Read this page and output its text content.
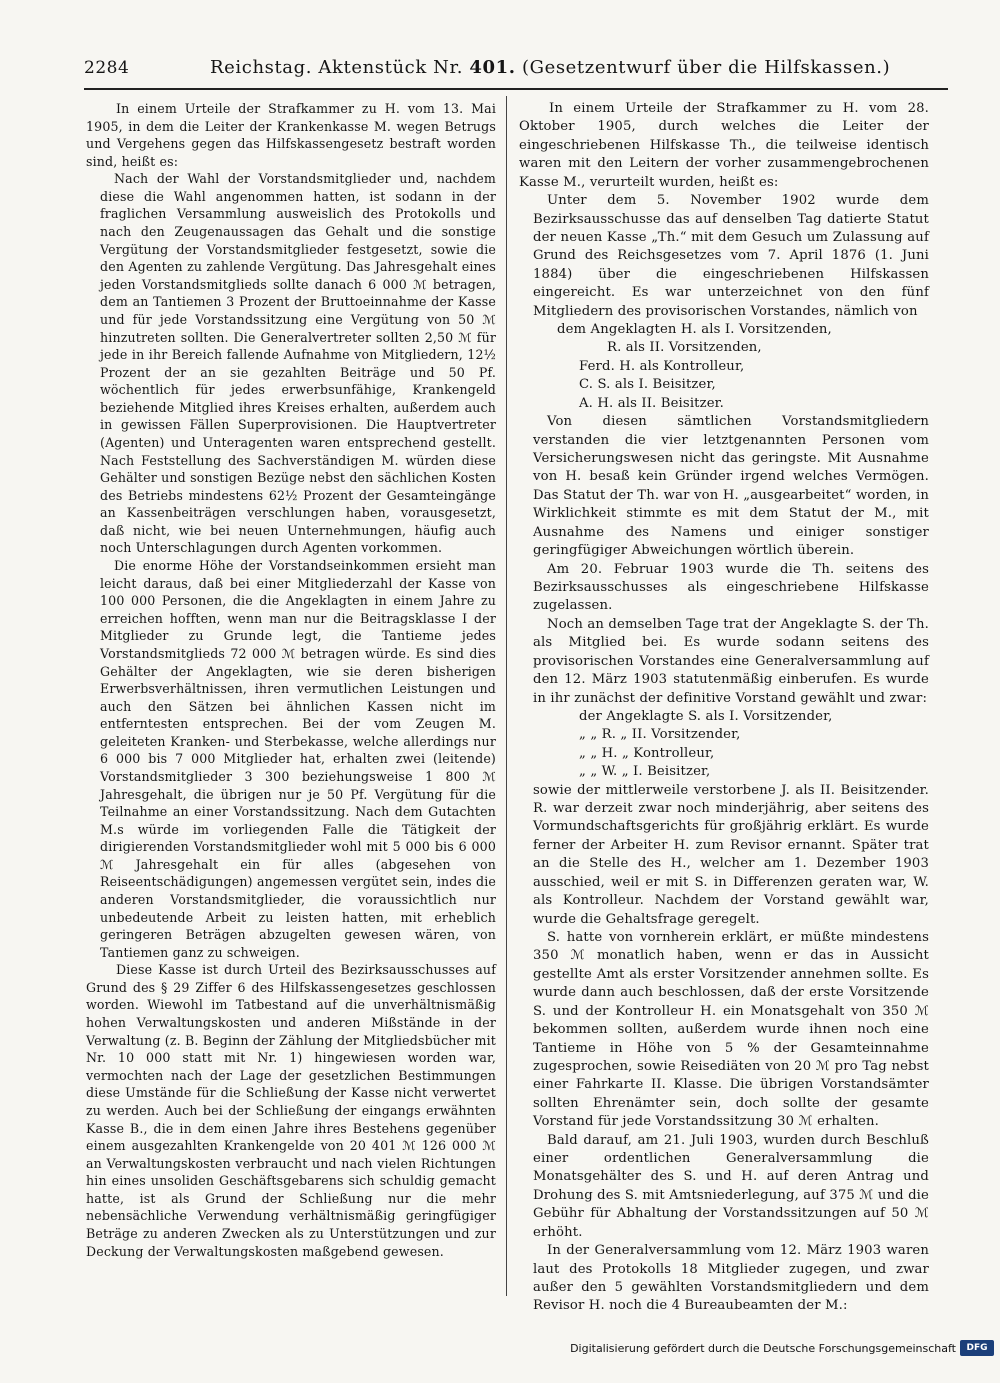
2284	Reichstag. Aktenstück Nr. 401. (Gesetzentwurf über die Hilfskassen.)

In einem Urteile der Strafkammer zu H. vom 13. Mai 1905, in dem die Leiter der Krankenkasse M. wegen Betrugs und Vergehens gegen das Hilfskassengesetz bestraft worden sind, heißt es:

Nach der Wahl der Vorstandsmitglieder und, nachdem diese die Wahl angenommen hatten, ist sodann in der fraglichen Versammlung ausweislich des Protokolls und nach den Zeugenaussagen das Gehalt und die sonstige Vergütung der Vorstandsmitglieder festgesetzt, sowie die den Agenten zu zahlende Vergütung. Das Jahresgehalt eines jeden Vorstandsmitglieds sollte danach 6 000 ℳ betragen, dem an Tantiemen 3 Prozent der Bruttoeinnahme der Kasse und für jede Vorstandssitzung eine Vergütung von 50 ℳ hinzutreten sollten. Die Generalvertreter sollten 2,50 ℳ für jede in ihr Bereich fallende Aufnahme von Mitgliedern, 12½ Prozent der an sie gezahlten Beiträge und 50 Pf. wöchentlich für jedes erwerbsunfähige, Krankengeld beziehende Mitglied ihres Kreises erhalten, außerdem auch in gewissen Fällen Superprovisionen. Die Hauptvertreter (Agenten) und Unteragenten waren entsprechend gestellt. Nach Feststellung des Sachverständigen M. würden diese Gehälter und sonstigen Bezüge nebst den sächlichen Kosten des Betriebs mindestens 62½ Prozent der Gesamteingänge an Kassenbeiträgen verschlungen haben, vorausgesetzt, daß nicht, wie bei neuen Unternehmungen, häufig auch noch Unterschlagungen durch Agenten vorkommen.

Die enorme Höhe der Vorstandseinkommen ersieht man leicht daraus, daß bei einer Mitgliederzahl der Kasse von 100 000 Personen, die die Angeklagten in einem Jahre zu erreichen hofften, wenn man nur die Beitragsklasse I der Mitglieder zu Grunde legt, die Tantieme jedes Vorstandsmitglieds 72 000 ℳ betragen würde. Es sind dies Gehälter der Angeklagten, wie sie deren bisherigen Erwerbsverhältnissen, ihren vermutlichen Leistungen und auch den Sätzen bei ähnlichen Kassen nicht im entferntesten entsprechen. Bei der vom Zeugen M. geleiteten Kranken- und Sterbekasse, welche allerdings nur 6 000 bis 7 000 Mitglieder hat, erhalten zwei (leitende) Vorstandsmitglieder 3 300 beziehungsweise 1 800 ℳ Jahresgehalt, die übrigen nur je 50 Pf. Vergütung für die Teilnahme an einer Vorstandssitzung. Nach dem Gutachten M.s würde im vorliegenden Falle die Tätigkeit der dirigierenden Vorstandsmitglieder wohl mit 5 000 bis 6 000 ℳ Jahresgehalt ein für alles (abgesehen von Reiseentschädigungen) angemessen vergütet sein, indes die anderen Vorstandsmitglieder, die voraussichtlich nur unbedeutende Arbeit zu leisten hatten, mit erheblich geringeren Beträgen abzugelten gewesen wären, von Tantiemen ganz zu schweigen.

Diese Kasse ist durch Urteil des Bezirksausschusses auf Grund des § 29 Ziffer 6 des Hilfskassengesetzes geschlossen worden. Wiewohl im Tatbestand auf die unverhältnismäßig hohen Verwaltungskosten und anderen Mißstände in der Verwaltung (z. B. Beginn der Zählung der Mitgliedsbücher mit Nr. 10 000 statt mit Nr. 1) hingewiesen worden war, vermochten nach der Lage der gesetzlichen Bestimmungen diese Umstände für die Schließung der Kasse nicht verwertet zu werden. Auch bei der Schließung der eingangs erwähnten Kasse B., die in dem einen Jahre ihres Bestehens gegenüber einem ausgezahlten Krankengelde von 20 401 ℳ 126 000 ℳ an Verwaltungskosten verbraucht und nach vielen Richtungen hin eines unsoliden Geschäftsgebarens sich schuldig gemacht hatte, ist als Grund der Schließung nur die mehr nebensächliche Verwendung verhältnismäßig geringfügiger Beträge zu anderen Zwecken als zu Unterstützungen und zur Deckung der Verwaltungskosten maßgebend gewesen.

In einem Urteile der Strafkammer zu H. vom 28. Oktober 1905, durch welches die Leiter der eingeschriebenen Hilfskasse Th., die teilweise identisch waren mit den Leitern der vorher zusammengebrochenen Kasse M., verurteilt wurden, heißt es:

Unter dem 5. November 1902 wurde dem Bezirksausschusse das auf denselben Tag datierte Statut der neuen Kasse „Th.“ mit dem Gesuch um Zulassung auf Grund des Reichsgesetzes vom 7. April 1876 (1. Juni 1884) über die eingeschriebenen Hilfskassen eingereicht. Es war unterzeichnet von den fünf Mitgliedern des provisorischen Vorstandes, nämlich von

dem Angeklagten H. als I. Vorsitzenden,

R. als II. Vorsitzenden,

Ferd. H. als Kontrolleur,

C. S. als I. Beisitzer,

A. H. als II. Beisitzer.

Von diesen sämtlichen Vorstandsmitgliedern verstanden die vier letztgenannten Personen vom Versicherungswesen nicht das geringste. Mit Ausnahme von H. besaß kein Gründer irgend welches Vermögen. Das Statut der Th. war von H. „ausgearbeitet“ worden, in Wirklichkeit stimmte es mit dem Statut der M., mit Ausnahme des Namens und einiger sonstiger geringfügiger Abweichungen wörtlich überein.

Am 20. Februar 1903 wurde die Th. seitens des Bezirksausschusses als eingeschriebene Hilfskasse zugelassen.

Noch an demselben Tage trat der Angeklagte S. der Th. als Mitglied bei. Es wurde sodann seitens des provisorischen Vorstandes eine Generalversammlung auf den 12. März 1903 statutenmäßig einberufen. Es wurde in ihr zunächst der definitive Vorstand gewählt und zwar:

der Angeklagte S. als I. Vorsitzender,

„ „ R. „ II. Vorsitzender,

„ „ H. „ Kontrolleur,

„ „ W. „ I. Beisitzer,

sowie der mittlerweile verstorbene J. als II. Beisitzender. R. war derzeit zwar noch minderjährig, aber seitens des Vormundschaftsgerichts für großjährig erklärt. Es wurde ferner der Arbeiter H. zum Revisor ernannt. Später trat an die Stelle des H., welcher am 1. Dezember 1903 ausschied, weil er mit S. in Differenzen geraten war, W. als Kontrolleur. Nachdem der Vorstand gewählt war, wurde die Gehaltsfrage geregelt.

S. hatte von vornherein erklärt, er müßte mindestens 350 ℳ monatlich haben, wenn er das in Aussicht gestellte Amt als erster Vorsitzender annehmen sollte. Es wurde dann auch beschlossen, daß der erste Vorsitzende S. und der Kontrolleur H. ein Monatsgehalt von 350 ℳ bekommen sollten, außerdem wurde ihnen noch eine Tantieme in Höhe von 5 % der Gesamteinnahme zugesprochen, sowie Reisediäten von 20 ℳ pro Tag nebst einer Fahrkarte II. Klasse. Die übrigen Vorstandsämter sollten Ehrenämter sein, doch sollte der gesamte Vorstand für jede Vorstandssitzung 30 ℳ erhalten.

Bald darauf, am 21. Juli 1903, wurden durch Beschluß einer ordentlichen Generalversammlung die Monatsgehälter des S. und H. auf deren Antrag und Drohung des S. mit Amtsniederlegung, auf 375 ℳ und die Gebühr für Abhaltung der Vorstandssitzungen auf 50 ℳ erhöht.

In der Generalversammlung vom 12. März 1903 waren laut des Protokolls 18 Mitglieder zugegen, und zwar außer den 5 gewählten Vorstandsmitgliedern und dem Revisor H. noch die 4 Bureaubeamten der M.:

Digitalisierung gefördert durch die Deutsche Forschungsgemeinschaft	DFG
